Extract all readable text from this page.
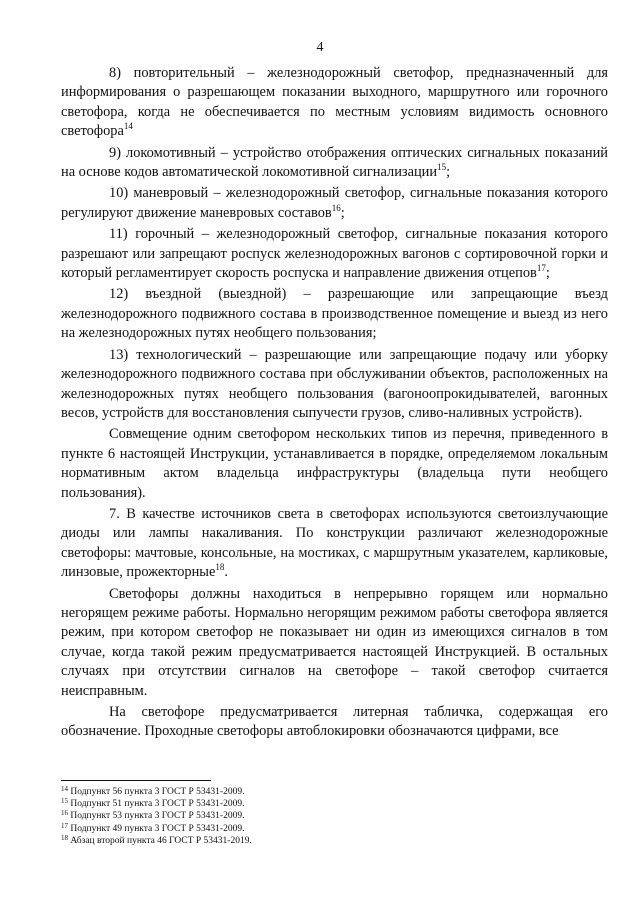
4

8) повторительный – железнодорожный светофор, предназначенный для информирования о разрешающем показании выходного, маршрутного или горочного светофора, когда не обеспечивается по местным условиям видимость основного светофора$^{14}$

9) локомотивный – устройство отображения оптических сигнальных показаний на основе кодов автоматической локомотивной сигнализации$^{15}$;

10) маневровый – железнодорожный светофор, сигнальные показания которого регулируют движение маневровых составов$^{16}$;

11) горочный – железнодорожный светофор, сигнальные показания которого разрешают или запрещают роспуск железнодорожных вагонов с сортировочной горки и который регламентирует скорость роспуска и направление движения отцепов$^{17}$;

12) въездной (выездной) – разрешающие или запрещающие въезд железнодорожного подвижного состава в производственное помещение и выезд из него на железнодорожных путях необщего пользования;

13) технологический – разрешающие или запрещающие подачу или уборку железнодорожного подвижного состава при обслуживании объектов, расположенных на железнодорожных путях необщего пользования (вагоноопрокидывателей, вагонных весов, устройств для восстановления сыпучести грузов, сливо-наливных устройств).

Совмещение одним светофором нескольких типов из перечня, приведенного в пункте 6 настоящей Инструкции, устанавливается в порядке, определяемом локальным нормативным актом владельца инфраструктуры (владельца пути необщего пользования).

7. В качестве источников света в светофорах используются светоизлучающие диоды или лампы накаливания. По конструкции различают железнодорожные светофоры: мачтовые, консольные, на мостиках, с маршрутным указателем, карликовые, линзовые, прожекторные$^{18}$.

Светофоры должны находиться в непрерывно горящем или нормально негорящем режиме работы. Нормально негорящим режимом работы светофора является режим, при котором светофор не показывает ни один из имеющихся сигналов в том случае, когда такой режим предусматривается настоящей Инструкцией. В остальных случаях при отсутствии сигналов на светофоре – такой светофор считается неисправным.

На светофоре предусматривается литерная табличка, содержащая его обозначение. Проходные светофоры автоблокировки обозначаются цифрами, все

$^{14}$ Подпункт 56 пункта 3 ГОСТ Р 53431-2009.

$^{15}$ Подпункт 51 пункта 3 ГОСТ Р 53431-2009.

$^{16}$ Подпункт 53 пункта 3 ГОСТ Р 53431-2009.

$^{17}$ Подпункт 49 пункта 3 ГОСТ Р 53431-2009.

$^{18}$ Абзац второй пункта 46 ГОСТ Р 53431-2019.
